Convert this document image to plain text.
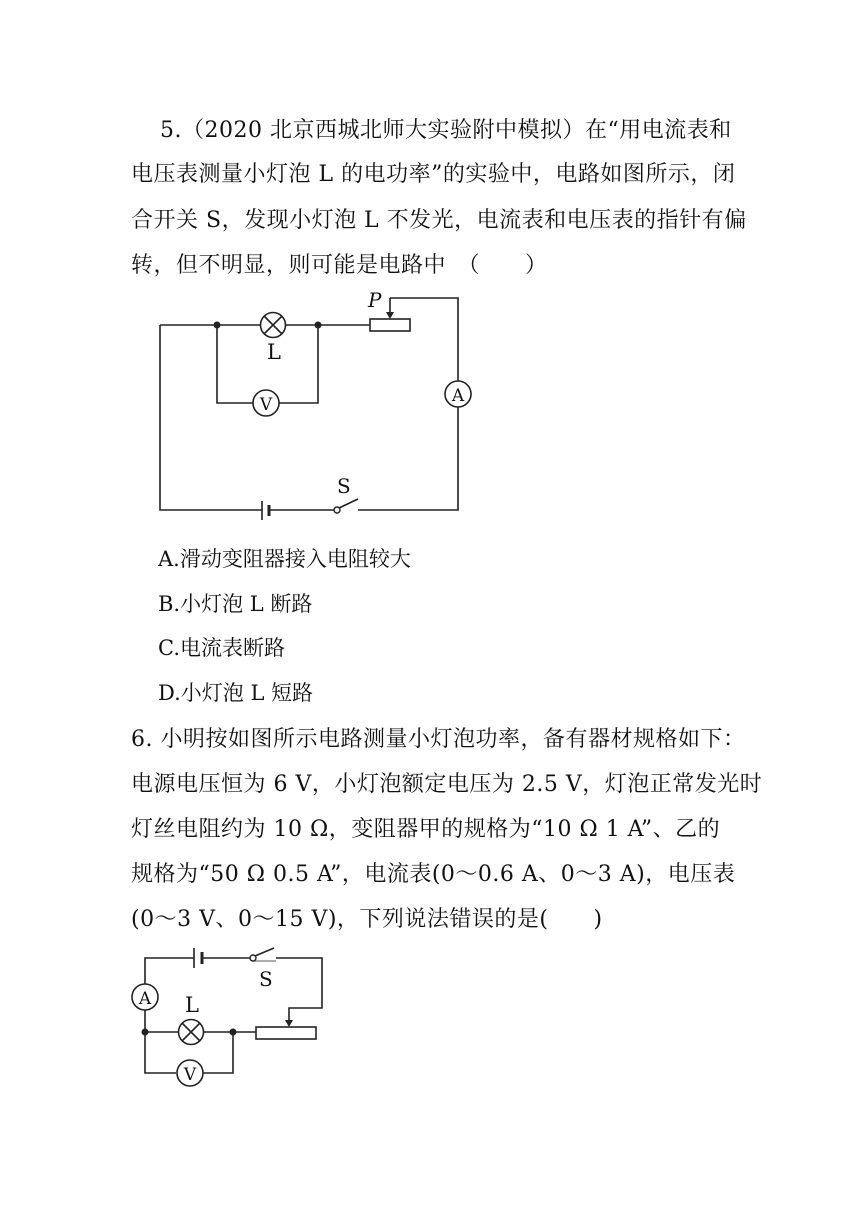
5.（2020 北京西城北师大实验附中模拟）在“用电流表和
电压表测量小灯泡 L 的电功率”的实验中，电路如图所示，闭
合开关 S，发现小灯泡 L 不发光，电流表和电压表的指针有偏
转，但不明显，则可能是电路中　（　　）
L
V
P
A
S
A.滑动变阻器接入电阻较大
B.小灯泡 L 断路
C.电流表断路
D.小灯泡 L 短路
6. 小明按如图所示电路测量小灯泡功率，备有器材规格如下：
电源电压恒为 6 V，小灯泡额定电压为 2.5 V，灯泡正常发光时
灯丝电阻约为 10 Ω，变阻器甲的规格为“10 Ω 1 A”、乙的
规格为“50 Ω 0.5 A”，电流表(0～0.6 A、0～3 A)，电压表
(0～3 V、0～15 V)，下列说法错误的是(　　)
S
A L
V
